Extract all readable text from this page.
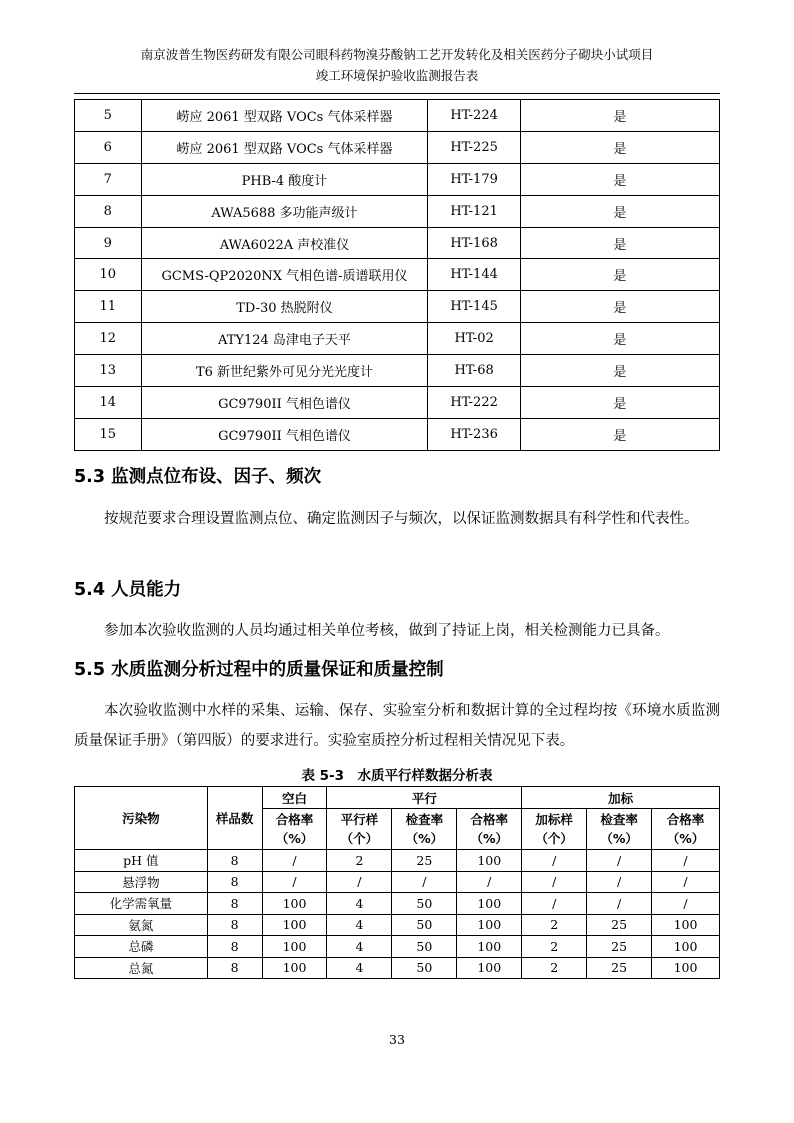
南京波普生物医药研发有限公司眼科药物溴芬酸钠工艺开发转化及相关医药分子砌块小试项目
竣工环境保护验收监测报告表
5	崂应 2061 型双路 VOCs 气体采样器	HT-224	是
6	崂应 2061 型双路 VOCs 气体采样器	HT-225	是
7	PHB-4 酸度计	HT-179	是
8	AWA5688 多功能声级计	HT-121	是
9	AWA6022A 声校准仪	HT-168	是
10	GCMS-QP2020NX 气相色谱-质谱联用仪	HT-144	是
11	TD-30 热脱附仪	HT-145	是
12	ATY124 岛津电子天平	HT-02	是
13	T6 新世纪紫外可见分光光度计	HT-68	是
14	GC9790II 气相色谱仪	HT-222	是
15	GC9790II 气相色谱仪	HT-236	是
5.3 监测点位布设、因子、频次
按规范要求合理设置监测点位、确定监测因子与频次，以保证监测数据具有科学性和代表性。
5.4 人员能力
参加本次验收监测的人员均通过相关单位考核，做到了持证上岗，相关检测能力已具备。
5.5 水质监测分析过程中的质量保证和质量控制
本次验收监测中水样的采集、运输、保存、实验室分析和数据计算的全过程均按《环境水质监测质量保证手册》（第四版）的要求进行。实验室质控分析过程相关情况见下表。
表 5-3　水质平行样数据分析表
污染物	样品数	空白	平行			加标		
		合格率（%）	平行样（个）	检查率（%）	合格率（%）	加标样（个）	检查率（%）	合格率（%）
pH 值	8	/	2	25	100	/	/	/
悬浮物	8	/	/	/	/	/	/	/
化学需氧量	8	100	4	50	100	/	/	/
氨氮	8	100	4	50	100	2	25	100
总磷	8	100	4	50	100	2	25	100
总氮	8	100	4	50	100	2	25	100
33
